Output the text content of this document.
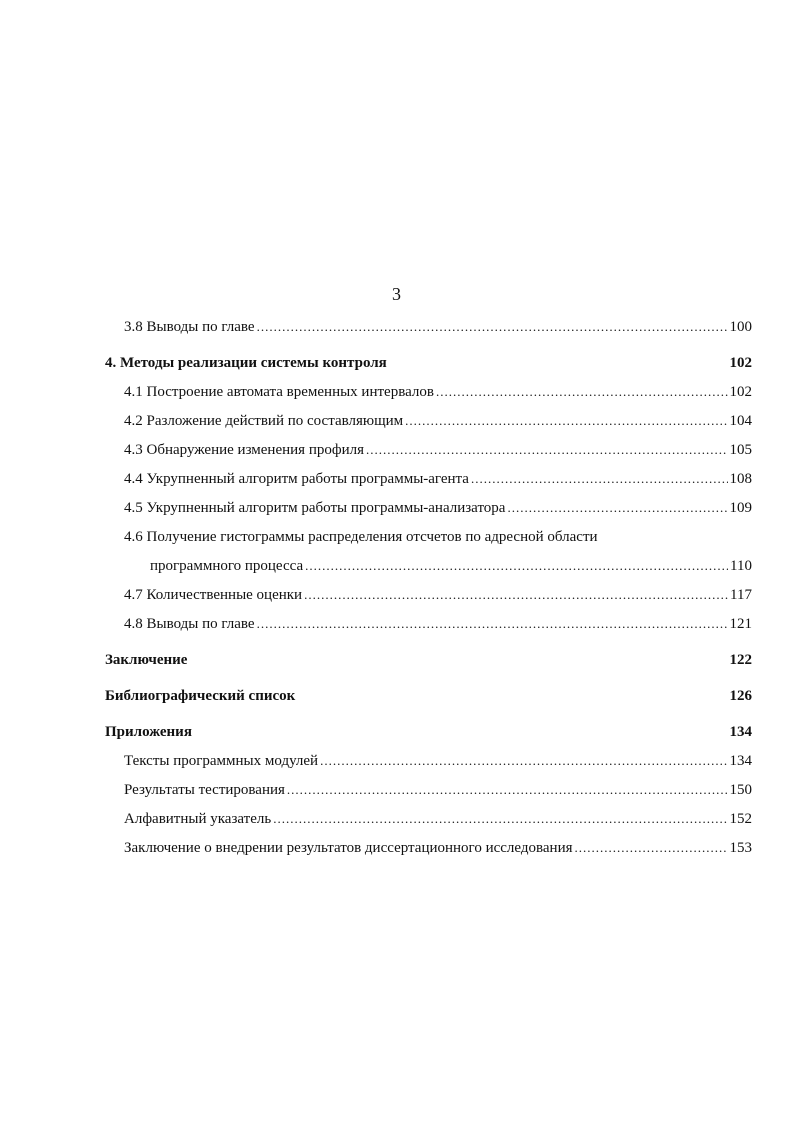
3
3.8 Выводы по главе .....	100
4. Методы реализации системы контроля	102
4.1 Построение автомата временных интервалов .....	102
4.2 Разложение действий по составляющим .....	104
4.3 Обнаружение изменения профиля .....	105
4.4 Укрупненный алгоритм работы программы-агента .....	108
4.5 Укрупненный алгоритм работы программы-анализатора .....	109
4.6 Получение гистограммы распределения отсчетов по адресной области
программного процесса .....	110
4.7 Количественные оценки .....	117
4.8 Выводы по главе .....	121
Заключение	122
Библиографический список	126
Приложения	134
Тексты программных модулей .....	134
Результаты тестирования .....	150
Алфавитный указатель .....	152
Заключение о внедрении результатов диссертационного исследования .....	153
